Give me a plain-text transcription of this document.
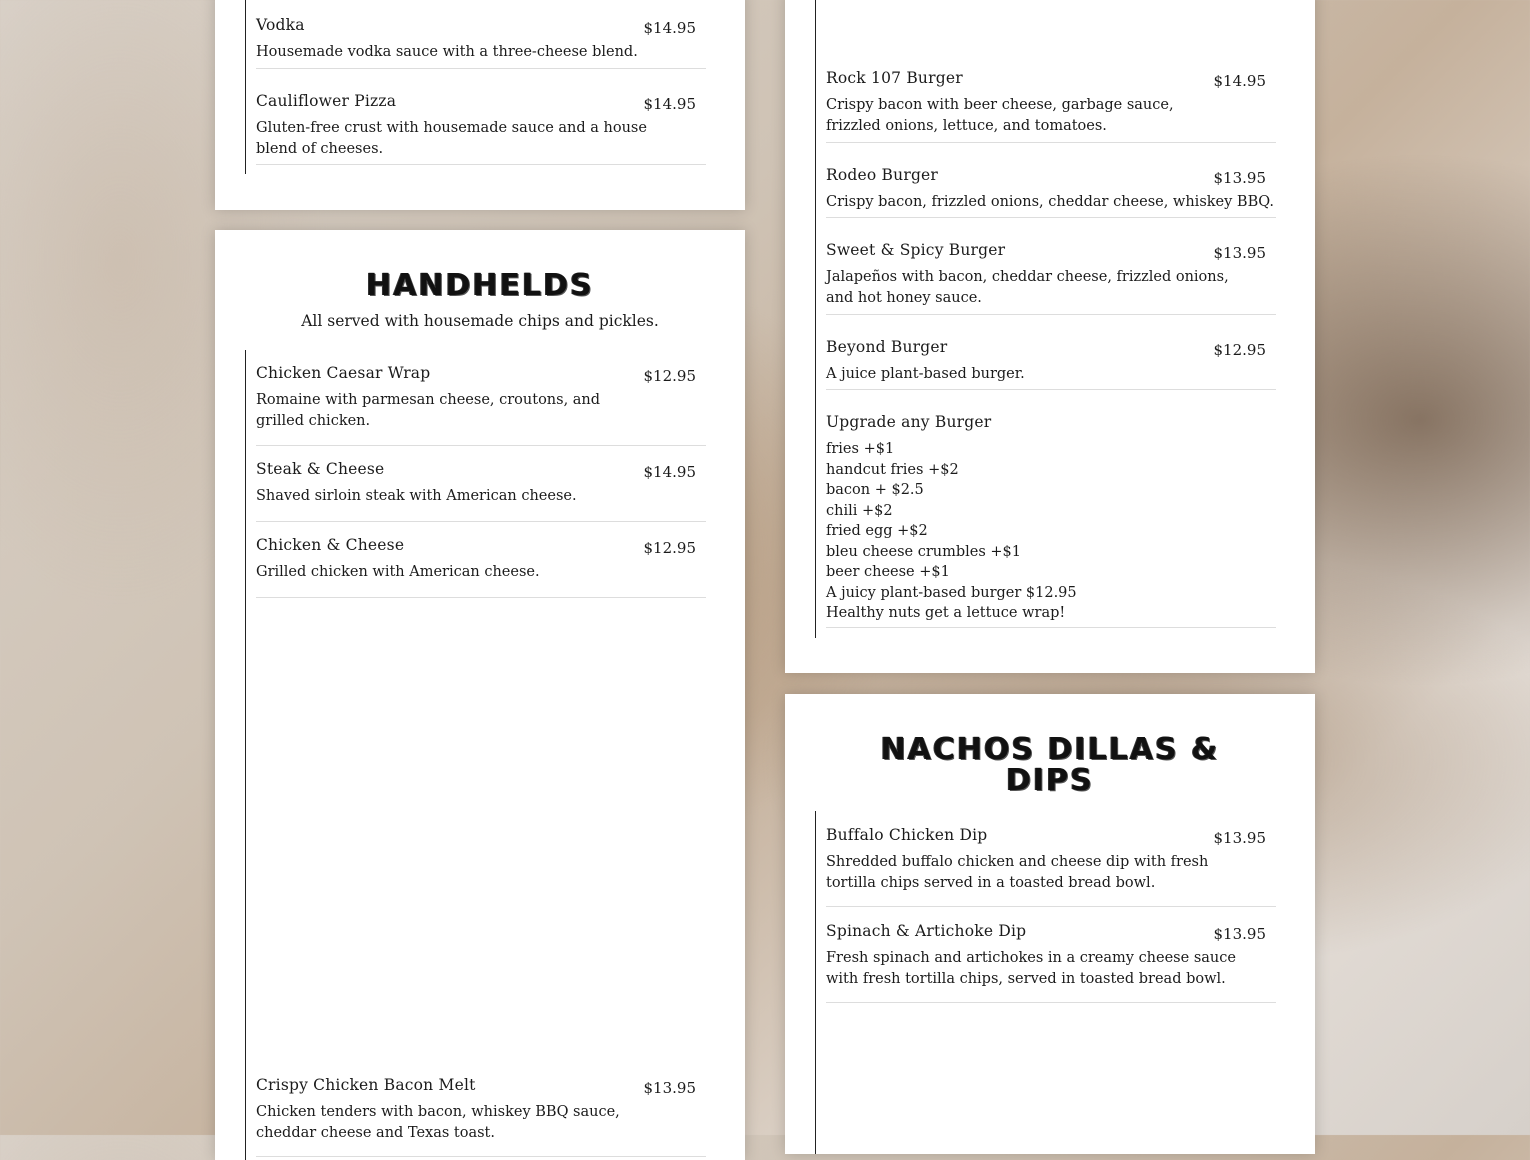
Vodka	$14.95
Housemade vodka sauce with a three-cheese blend.
Cauliflower Pizza	$14.95
Gluten-free crust with housemade sauce and a house blend of cheeses.
HANDHELDS
All served with housemade chips and pickles.
Chicken Caesar Wrap	$12.95
Romaine with parmesan cheese, croutons, and grilled chicken.
Steak & Cheese	$14.95
Shaved sirloin steak with American cheese.
Chicken & Cheese	$12.95
Grilled chicken with American cheese.
Crispy Chicken Bacon Melt	$13.95
Chicken tenders with bacon, whiskey BBQ sauce, cheddar cheese and Texas toast.
Rock 107 Burger	$14.95
Crispy bacon with beer cheese, garbage sauce, frizzled onions, lettuce, and tomatoes.
Rodeo Burger	$13.95
Crispy bacon, frizzled onions, cheddar cheese, whiskey BBQ.
Sweet & Spicy Burger	$13.95
Jalapeños with bacon, cheddar cheese, frizzled onions, and hot honey sauce.
Beyond Burger	$12.95
A juice plant-based burger.
Upgrade any Burger
fries +$1
handcut fries +$2
bacon + $2.5
chili +$2
fried egg +$2
bleu cheese crumbles +$1
beer cheese +$1
A juicy plant-based burger $12.95
Healthy nuts get a lettuce wrap!
NACHOS DILLAS &
DIPS
Buffalo Chicken Dip	$13.95
Shredded buffalo chicken and cheese dip with fresh tortilla chips served in a toasted bread bowl.
Spinach & Artichoke Dip	$13.95
Fresh spinach and artichokes in a creamy cheese sauce with fresh tortilla chips, served in toasted bread bowl.
